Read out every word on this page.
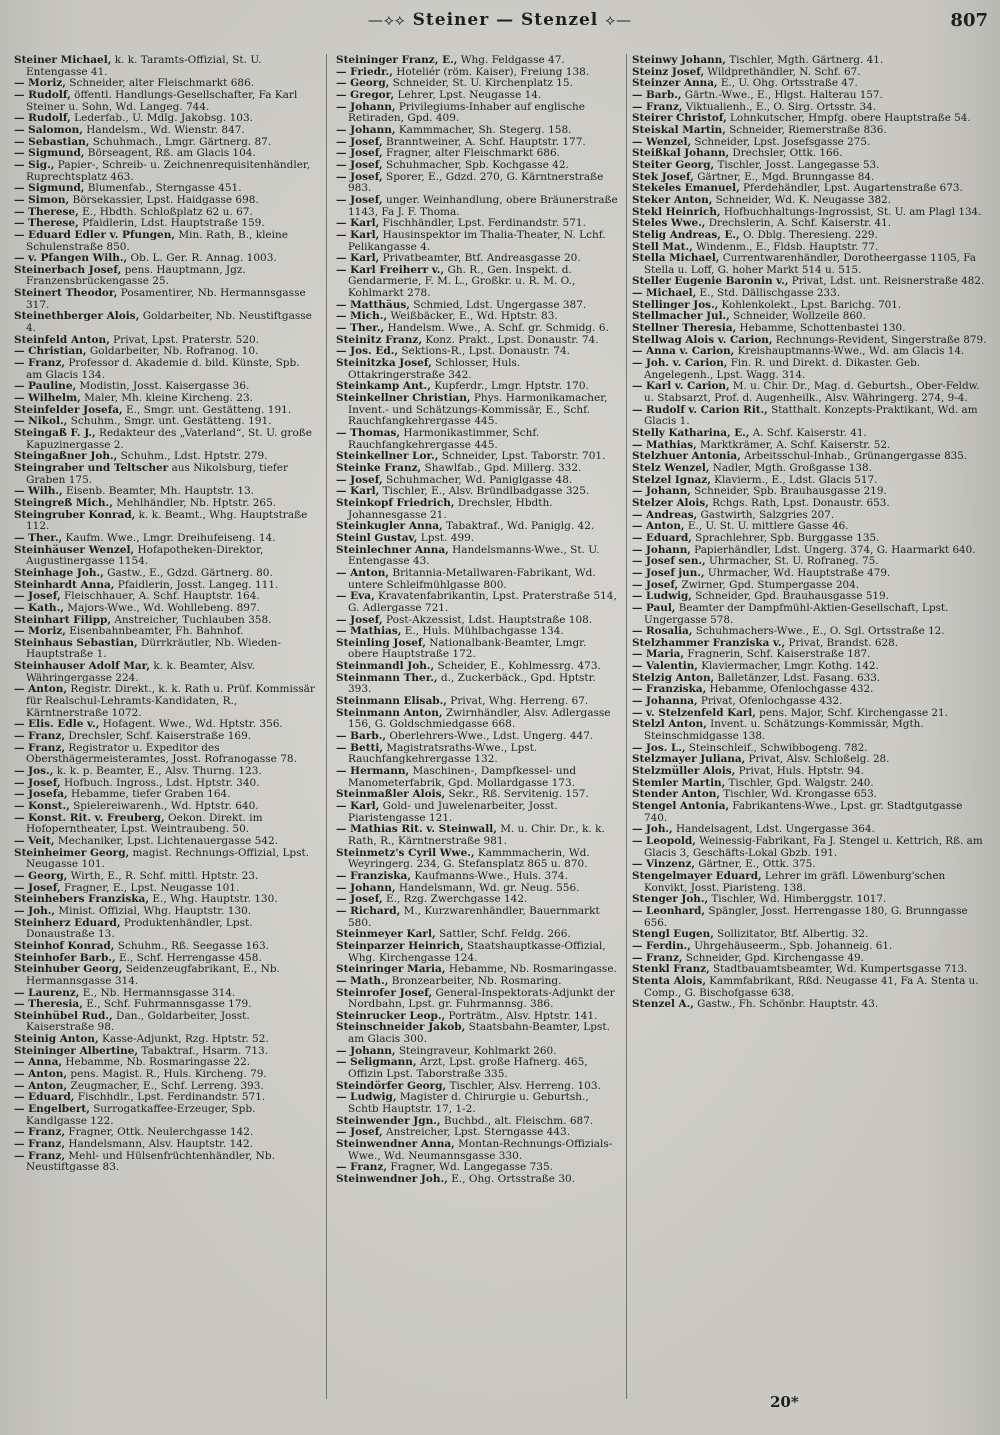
—⟡⟡ Steiner — Stenzel ⟡—	807
Steiner Michael, k. k. Taramts-Offizial, St. U. Entengasse 41.
— Moriz, Schneider, alter Fleischmarkt 686.
— Rudolf, öffentl. Handlungs-Gesellschafter, Fa Karl Steiner u. Sohn, Wd. Langeg. 744.
— Rudolf, Lederfab., U. Mdlg. Jakobsg. 103.
— Salomon, Handelsm., Wd. Wienstr. 847.
— Sebastian, Schuhmach., Lmgr. Gärtnerg. 87.
— Sigmund, Börseagent, Rß. am Glacis 104.
— Sig., Papier-, Schreib- u. Zeichnenrequisitenhändler, Ruprechtsplatz 463.
— Sigmund, Blumenfab., Sterngasse 451.
— Simon, Börsekassier, Lpst. Haidgasse 698.
— Therese, E., Hbdth. Schloßplatz 62 u. 67.
— Therese, Pfaidlerin, Ldst. Hauptstraße 159.
— Eduard Edler v. Pfungen, Min. Rath, B., kleine Schulenstraße 850.
— v. Pfangen Wilh., Ob. L. Ger. R. Annag. 1003.
Steinerbach Josef, pens. Hauptmann, Jgz. Franzensbrückengasse 25.
Steinert Theodor, Posamentirer, Nb. Hermannsgasse 317.
Steinethberger Alois, Goldarbeiter, Nb. Neustiftgasse 4.
Steinfeld Anton, Privat, Lpst. Praterstr. 520.
— Christian, Goldarbeiter, Nb. Rofranog. 10.
— Franz, Professor d. Akademie d. bild. Künste, Spb. am Glacis 134.
— Pauline, Modistin, Josst. Kaisergasse 36.
— Wilhelm, Maler, Mh. kleine Kircheng. 23.
Steinfelder Josefa, E., Smgr. unt. Gestätteng. 191.
— Nikol., Schuhm., Smgr. unt. Gestätteng. 191.
Steingaß F. J., Redakteur des „Vaterland“, St. U. große Kapuzinergasse 2.
Steingaßner Joh., Schuhm., Ldst. Hptstr. 279.
Steingraber und Teltscher aus Nikolsburg, tiefer Graben 175.
— Wilh., Eisenb. Beamter, Mh. Hauptstr. 13.
Steingreß Mich., Mehlhändler, Nb. Hptstr. 265.
Steingruber Konrad, k. k. Beamt., Whg. Hauptstraße 112.
— Ther., Kaufm. Wwe., Lmgr. Dreihufeiseng. 14.
Steinhäuser Wenzel, Hofapotheken-Direktor, Augustinergasse 1154.
Steinhage Joh., Gastw., E., Gdzd. Gärtnerg. 80.
Steinhardt Anna, Pfaidlerin, Josst. Langeg. 111.
— Josef, Fleischhauer, A. Schf. Hauptstr. 164.
— Kath., Majors-Wwe., Wd. Wohllebeng. 897.
Steinhart Filipp, Anstreicher, Tuchlauben 358.
— Moriz, Eisenbahnbeamter, Fh. Bahnhof.
Steinhaus Sebastian, Dürrkräutler, Nb. Wieden-Hauptstraße 1.
Steinhauser Adolf Mar, k. k. Beamter, Alsv. Währingergasse 224.
— Anton, Registr. Direkt., k. k. Rath u. Prüf. Kommissär für Realschul-Lehramts-Kandidaten, R., Kärntnerstraße 1072.
— Elis. Edle v., Hofagent. Wwe., Wd. Hptstr. 356.
— Franz, Drechsler, Schf. Kaiserstraße 169.
— Franz, Registrator u. Expeditor des Obersthägermeisteramtes, Josst. Rofranogasse 78.
— Jos., k. k. p. Beamter, E., Alsv. Thurng. 123.
— Josef, Hofbuch. Ingross., Ldst. Hptstr. 340.
— Josefa, Hebamme, tiefer Graben 164.
— Konst., Spielereiwarenh., Wd. Hptstr. 640.
— Konst. Rit. v. Freuberg, Oekon. Direkt. im Hofoperntheater, Lpst. Weintraubeng. 50.
— Veit, Mechaniker, Lpst. Lichtenauergasse 542.
Steinheimer Georg, magist. Rechnungs-Offizial, Lpst. Neugasse 101.
— Georg, Wirth, E., R. Schf. mittl. Hptstr. 23.
— Josef, Fragner, E., Lpst. Neugasse 101.
Steinhebers Franziska, E., Whg. Hauptstr. 130.
— Joh., Minist. Offizial, Whg. Hauptstr. 130.
Steinherz Eduard, Produktenhändler, Lpst. Donaustraße 13.
Steinhof Konrad, Schuhm., Rß. Seegasse 163.
Steinhofer Barb., E., Schf. Herrengasse 458.
Steinhuber Georg, Seidenzeugfabrikant, E., Nb. Hermannsgasse 314.
— Laurenz, E., Nb. Hermannsgasse 314.
— Theresia, E., Schf. Fuhrmannsgasse 179.
Steinhübel Rud., Dan., Goldarbeiter, Josst. Kaiserstraße 98.
Steinig Anton, Kasse-Adjunkt, Rzg. Hptstr. 52.
Steininger Albertine, Tabaktraf., Hsarm. 713.
— Anna, Hebamme, Nb. Rosmaringasse 22.
— Anton, pens. Magist. R., Huls. Kircheng. 79.
— Anton, Zeugmacher, E., Schf. Lerreng. 393.
— Eduard, Fischhdlr., Lpst. Ferdinandstr. 571.
— Engelbert, Surrogatkaffee-Erzeuger, Spb. Kandlgasse 122.
— Franz, Fragner, Ottk. Neulerchgasse 142.
— Franz, Handelsmann, Alsv. Hauptstr. 142.
— Franz, Mehl- und Hülsenfrüchtenhändler, Nb. Neustiftgasse 83.
Steininger Franz, E., Whg. Feldgasse 47.
— Friedr., Hoteliér (röm. Kaiser), Freiung 138.
— Georg, Schneider, St. U. Kirchenplatz 15.
— Gregor, Lehrer, Lpst. Neugasse 14.
— Johann, Privilegiums-Inhaber auf englische Retiraden, Gpd. 409.
— Johann, Kammmacher, Sh. Stegerg. 158.
— Josef, Branntweiner, A. Schf. Hauptstr. 177.
— Josef, Fragner, alter Fleischmarkt 686.
— Josef, Schuhmacher, Spb. Kochgasse 42.
— Josef, Sporer, E., Gdzd. 270, G. Kärntnerstraße 983.
— Josef, unger. Weinhandlung, obere Bräunerstraße 1143, Fa J. F. Thoma.
— Karl, Fischhändler, Lpst. Ferdinandstr. 571.
— Karl, Hausinspektor im Thalia-Theater, N. Lchf. Pelikangasse 4.
— Karl, Privatbeamter, Btf. Andreasgasse 20.
— Karl Freiherr v., Gh. R., Gen. Inspekt. d. Gendarmerie, F. M. L., Großkr. u. R. M. O., Kohlmarkt 278.
— Matthäus, Schmied, Ldst. Ungergasse 387.
— Mich., Weißbäcker, E., Wd. Hptstr. 83.
— Ther., Handelsm. Wwe., A. Schf. gr. Schmidg. 6.
Steinitz Franz, Konz. Prakt., Lpst. Donaustr. 74.
— Jos. Ed., Sektions-R., Lpst. Donaustr. 74.
Steinitzka Josef, Schlosser, Huls. Ottakringerstraße 342.
Steinkamp Ant., Kupferdr., Lmgr. Hptstr. 170.
Steinkellner Christian, Phys. Harmonikamacher, Invent.- und Schätzungs-Kommissär, E., Schf. Rauchfangkehrergasse 445.
— Thomas, Harmonikastimmer, Schf. Rauchfangkehrergasse 445.
Steinkellner Lor., Schneider, Lpst. Taborstr. 701.
Steinke Franz, Shawlfab., Gpd. Millerg. 332.
— Josef, Schuhmacher, Wd. Paniglgasse 48.
— Karl, Tischler, E., Alsv. Bründlbadgasse 325.
Steinkopf Friedrich, Drechsler, Hbdth. Johannesgasse 21.
Steinkugler Anna, Tabaktraf., Wd. Paniglg. 42.
Steinl Gustav, Lpst. 499.
Steinlechner Anna, Handelsmanns-Wwe., St. U. Entengasse 43.
— Anton, Britannia-Metallwaren-Fabrikant, Wd. untere Schleifmühlgasse 800.
— Eva, Kravatenfabrikantin, Lpst. Praterstraße 514, G. Adlergasse 721.
— Josef, Post-Akzessist, Ldst. Hauptstraße 108.
— Mathias, E., Huls. Mühlbachgasse 134.
Steinling Josef, Nationalbank-Beamter, Lmgr. obere Hauptstraße 172.
Steinmandl Joh., Scheider, E., Kohlmessrg. 473.
Steinmann Ther., d., Zuckerbäck., Gpd. Hptstr. 393.
Steinmann Elisab., Privat, Whg. Herreng. 67.
Steinmann Anton, Zwirnhändler, Alsv. Adlergasse 156, G. Goldschmiedgasse 668.
— Barb., Oberlehrers-Wwe., Ldst. Ungerg. 447.
— Betti, Magistratsraths-Wwe., Lpst. Rauchfangkehrergasse 132.
— Hermann, Maschinen-, Dampfkessel- und Manometerfabrik, Gpd. Mollardgasse 173.
Steinmaßler Alois, Sekr., Rß. Servitenig. 157.
— Karl, Gold- und Juwelenarbeiter, Josst. Piaristengasse 121.
— Mathias Rit. v. Steinwall, M. u. Chir. Dr., k. k. Rath, R., Kärntnerstraße 981.
Steinmetz's Cyril Wwe., Kammmacherin, Wd. Weyringerg. 234, G. Stefansplatz 865 u. 870.
— Franziska, Kaufmanns-Wwe., Huls. 374.
— Johann, Handelsmann, Wd. gr. Neug. 556.
— Josef, E., Rzg. Zwerchgasse 142.
— Richard, M., Kurzwarenhändler, Bauernmarkt 580.
Steinmeyer Karl, Sattler, Schf. Feldg. 266.
Steinparzer Heinrich, Staatshauptkasse-Offizial, Whg. Kirchengasse 124.
Steinringer Maria, Hebamme, Nb. Rosmaringasse.
— Math., Bronzearbeiter, Nb. Rosmaring.
Steinrofer Josef, General-Inspektorats-Adjunkt der Nordbahn, Lpst. gr. Fuhrmannsg. 386.
Steinrucker Leop., Porträtm., Alsv. Hptstr. 141.
Steinschneider Jakob, Staatsbahn-Beamter, Lpst. am Glacis 300.
— Johann, Steingraveur, Kohlmarkt 260.
— Seligmann, Arzt, Lpst. große Hafnerg. 465, Offizin Lpst. Taborstraße 335.
Steindörfer Georg, Tischler, Alsv. Herreng. 103.
— Ludwig, Magister d. Chirurgie u. Geburtsh., Schtb Hauptstr. 17, 1-2.
Steinwender Jgn., Buchbd., alt. Fleischm. 687.
— Josef, Anstreicher, Lpst. Sterngasse 443.
Steinwendner Anna, Montan-Rechnungs-Offizials-Wwe., Wd. Neumannsgasse 330.
— Franz, Fragner, Wd. Langegasse 735.
Steinwendner Joh., E., Ohg. Ortsstraße 30.
Steinwy Johann, Tischler, Mgth. Gärtnerg. 41.
Steinz Josef, Wildprethändler, N. Schf. 67.
Steinzer Anna, E., U. Ohg. Ortsstraße 47.
— Barb., Gärtn.-Wwe., E., Hlgst. Halterau 157.
— Franz, Viktualienh., E., O. Sirg. Ortsstr. 34.
Steirer Christof, Lohnkutscher, Hmpfg. obere Hauptstraße 54.
Steiskal Martin, Schneider, Riemerstraße 836.
— Wenzel, Schneider, Lpst. Josefsgasse 275.
Steißkal Johann, Drechsler, Ottk. 166.
Steiter Georg, Tischler, Josst. Langegasse 53.
Stek Josef, Gärtner, E., Mgd. Brunngasse 84.
Stekeles Emanuel, Pferdehändler, Lpst. Augartenstraße 673.
Steker Anton, Schneider, Wd. K. Neugasse 382.
Stekl Heinrich, Hofbuchhaltungs-Ingrossist, St. U. am Plagl 134.
Steles Wwe., Drechslerin, A. Schf. Kaiserstr. 41.
Stelig Andreas, E., O. Dblg. Theresieng. 229.
Stell Mat., Windenm., E., Fldsb. Hauptstr. 77.
Stella Michael, Currentwarenhändler, Dorotheergasse 1105, Fa Stella u. Loff, G. hoher Markt 514 u. 515.
Steller Eugenie Baronin v., Privat, Ldst. unt. Reisnerstraße 482.
— Michael, E., Std. Dällischgasse 233.
Stellinger Jos., Kohlenkolekt., Lpst. Barichg. 701.
Stellmacher Jul., Schneider, Wollzeile 860.
Stellner Theresia, Hebamme, Schottenbastei 130.
Stellwag Alois v. Carion, Rechnungs-Revident, Singerstraße 879.
— Anna v. Carion, Kreishauptmanns-Wwe., Wd. am Glacis 14.
— Joh. v. Carion, Fin. R. und Direkt. d. Dikaster. Geb. Angelegenh., Lpst. Wagg. 314.
— Karl v. Carion, M. u. Chir. Dr., Mag. d. Geburtsh., Ober-Feldw. u. Stabsarzt, Prof. d. Augenheilk., Alsv. Währingerg. 274, 9-4.
— Rudolf v. Carion Rit., Statthalt. Konzepts-Praktikant, Wd. am Glacis 1.
Stelly Katharina, E., A. Schf. Kaiserstr. 41.
— Mathias, Marktkrämer, A. Schf. Kaiserstr. 52.
Stelzhuer Antonia, Arbeitsschul-Inhab., Grünangergasse 835.
Stelz Wenzel, Nadler, Mgth. Großgasse 138.
Stelzel Ignaz, Klavierm., E., Ldst. Glacis 517.
— Johann, Schneider, Spb. Brauhausgasse 219.
Stelzer Alois, Rchgs. Rath, Lpst. Donaustr. 653.
— Andreas, Gastwirth, Salzgries 207.
— Anton, E., U. St. U. mittlere Gasse 46.
— Eduard, Sprachlehrer, Spb. Burggasse 135.
— Johann, Papierhändler, Ldst. Ungerg. 374, G. Haarmarkt 640.
— Josef sen., Uhrmacher, St. U. Rofraneg. 75.
— Josef jun., Uhrmacher, Wd. Hauptstraße 479.
— Josef, Zwirner, Gpd. Stumpergasse 204.
— Ludwig, Schneider, Gpd. Brauhausgasse 519.
— Paul, Beamter der Dampfmühl-Aktien-Gesellschaft, Lpst. Ungergasse 578.
— Rosalia, Schuhmachers-Wwe., E., O. Sgl. Ortsstraße 12.
Stelzhammer Franziska v., Privat, Brandst. 628.
— Maria, Fragnerin, Schf. Kaiserstraße 187.
— Valentin, Klaviermacher, Lmgr. Kothg. 142.
Stelzig Anton, Balletänzer, Ldst. Fasang. 633.
— Franziska, Hebamme, Ofenlochgasse 432.
— Johanna, Privat, Ofenlochgasse 432.
— v. Stelzenfeld Karl, pens. Major, Schf. Kirchengasse 21.
Stelzl Anton, Invent. u. Schätzungs-Kommissär, Mgth. Steinschmidgasse 138.
— Jos. L., Steinschleif., Schwibbogeng. 782.
Stelzmayer Juliana, Privat, Alsv. Schloßelg. 28.
Stelzmüller Alois, Privat, Huls. Hptstr. 94.
Stemler Martin, Tischler, Gpd. Walgstr. 240.
Stender Anton, Tischler, Wd. Krongasse 653.
Stengel Antonia, Fabrikantens-Wwe., Lpst. gr. Stadtgutgasse 740.
— Joh., Handelsagent, Ldst. Ungergasse 364.
— Leopold, Weinessig-Fabrikant, Fa J. Stengel u. Kettrich, Rß. am Glacis 3, Geschäfts-Lokal Gbzb. 191.
— Vinzenz, Gärtner, E., Ottk. 375.
Stengelmayer Eduard, Lehrer im gräfl. Löwenburg'schen Konvikt, Josst. Piaristeng. 138.
Stenger Joh., Tischler, Wd. Himberggstr. 1017.
— Leonhard, Spängler, Josst. Herrengasse 180, G. Brunngasse 656.
Stengl Eugen, Sollizitator, Btf. Albertig. 32.
— Ferdin., Uhrgehäuseerm., Spb. Johanneig. 61.
— Franz, Schneider, Gpd. Kirchengasse 49.
Stenkl Franz, Stadtbauamtsbeamter, Wd. Kumpertsgasse 713.
Stenta Alois, Kammfabrikant, Rßd. Neugasse 41, Fa A. Stenta u. Comp., G. Bischofgasse 638.
Stenzel A., Gastw., Fh. Schönbr. Hauptstr. 43.
20*
